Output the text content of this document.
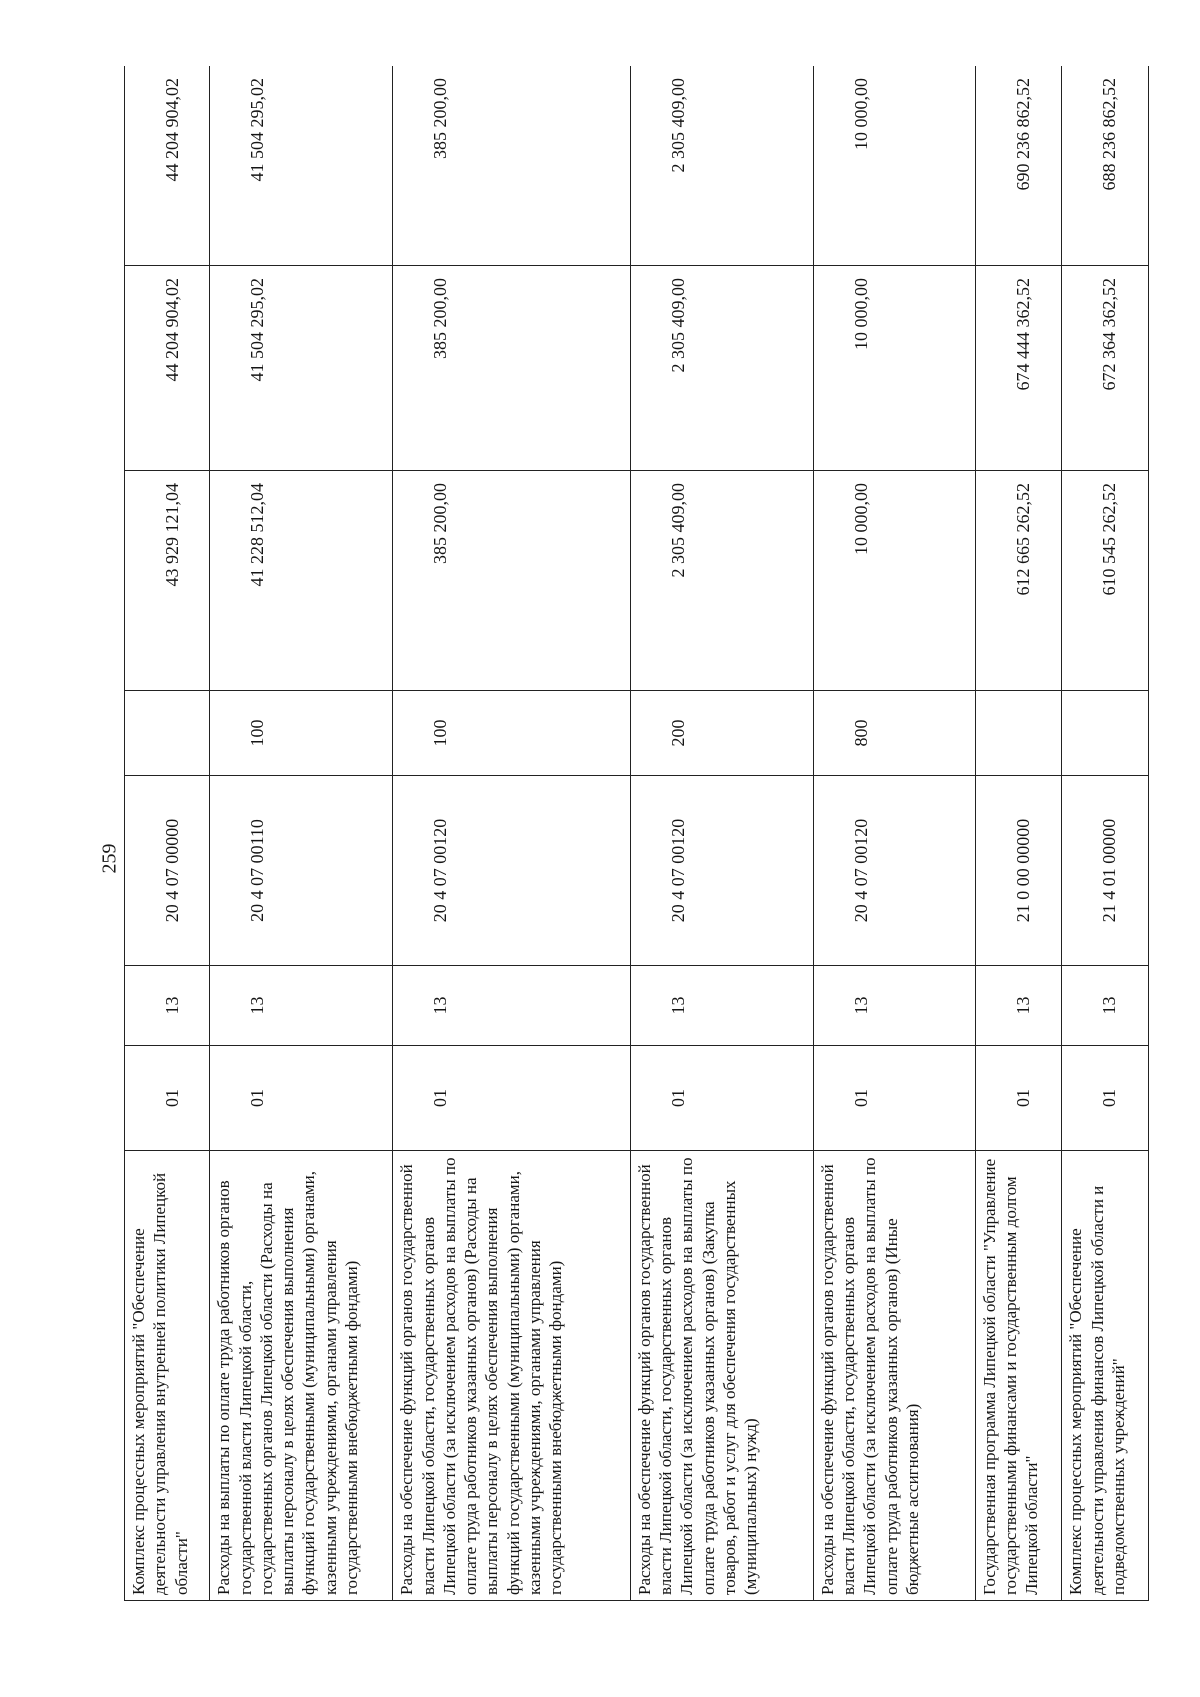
259
Комплекс процессных мероприятий "Обеспечение деятельности управления внутренней политики Липецкой области"	01	13	20 4 07 00000		43 929 121,04	44 204 904,02	44 204 904,02
Расходы на выплаты по оплате труда работников органов государственной власти Липецкой области, государственных органов Липецкой области (Расходы на выплаты персоналу в целях обеспечения выполнения функций государственными (муниципальными) органами, казенными учреждениями, органами управления государственными внебюджетными фондами)	01	13	20 4 07 00110	100	41 228 512,04	41 504 295,02	41 504 295,02
Расходы на обеспечение функций органов государственной власти Липецкой области, государственных органов Липецкой области (за исключением расходов на выплаты по оплате труда работников указанных органов) (Расходы на выплаты персоналу в целях обеспечения выполнения функций государственными (муниципальными) органами, казенными учреждениями, органами управления государственными внебюджетными фондами)	01	13	20 4 07 00120	100	385 200,00	385 200,00	385 200,00
Расходы на обеспечение функций органов государственной власти Липецкой области, государственных органов Липецкой области (за исключением расходов на выплаты по оплате труда работников указанных органов) (Закупка товаров, работ и услуг для обеспечения государственных (муниципальных) нужд)	01	13	20 4 07 00120	200	2 305 409,00	2 305 409,00	2 305 409,00
Расходы на обеспечение функций органов государственной власти Липецкой области, государственных органов Липецкой области (за исключением расходов на выплаты по оплате труда работников указанных органов) (Иные бюджетные ассигнования)	01	13	20 4 07 00120	800	10 000,00	10 000,00	10 000,00
Государственная программа Липецкой области "Управление государственными финансами и государственным долгом Липецкой области"	01	13	21 0 00 00000		612 665 262,52	674 444 362,52	690 236 862,52
Комплекс процессных мероприятий "Обеспечение деятельности управления финансов Липецкой области и подведомственных учреждений"	01	13	21 4 01 00000		610 545 262,52	672 364 362,52	688 236 862,52
